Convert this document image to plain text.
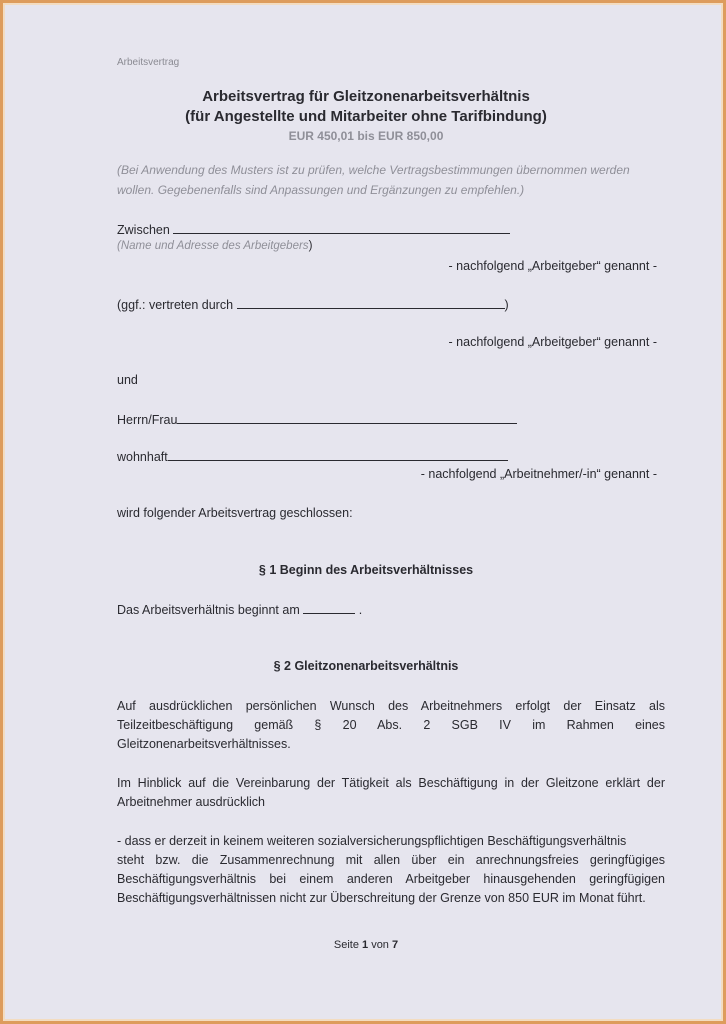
Arbeitsvertrag
Arbeitsvertrag für Gleitzonenarbeitsverhältnis
(für Angestellte und Mitarbeiter ohne Tarifbindung)
EUR 450,01 bis EUR 850,00
(Bei Anwendung des Musters ist zu prüfen, welche Vertragsbestimmungen übernommen werden
wollen. Gegebenenfalls sind Anpassungen und Ergänzungen zu empfehlen.)
Zwischen
(Name und Adresse des Arbeitgebers)
- nachfolgend „Arbeitgeber“ genannt -
(ggf.: vertreten durch	)
- nachfolgend „Arbeitgeber“ genannt -
und
Herrn/Frau
wohnhaft
- nachfolgend „Arbeitnehmer/-in“ genannt -
wird folgender Arbeitsvertrag geschlossen:
§ 1 Beginn des Arbeitsverhältnisses
Das Arbeitsverhältnis beginnt am	.
§ 2 Gleitzonenarbeitsverhältnis
Auf ausdrücklichen persönlichen Wunsch des Arbeitnehmers erfolgt der Einsatz als
Teilzeitbeschäftigung gemäß § 20 Abs. 2 SGB IV im Rahmen eines
Gleitzonenarbeitsverhältnisses.
Im Hinblick auf die Vereinbarung der Tätigkeit als Beschäftigung in der Gleitzone erklärt der
Arbeitnehmer ausdrücklich
- dass er derzeit in keinem weiteren sozialversicherungspflichtigen Beschäftigungsverhältnis
steht bzw. die Zusammenrechnung mit allen über ein anrechnungsfreies geringfügiges
Beschäftigungsverhältnis bei einem anderen Arbeitgeber hinausgehenden geringfügigen
Beschäftigungsverhältnissen nicht zur Überschreitung der Grenze von 850 EUR im Monat führt.
Seite 1 von 7
